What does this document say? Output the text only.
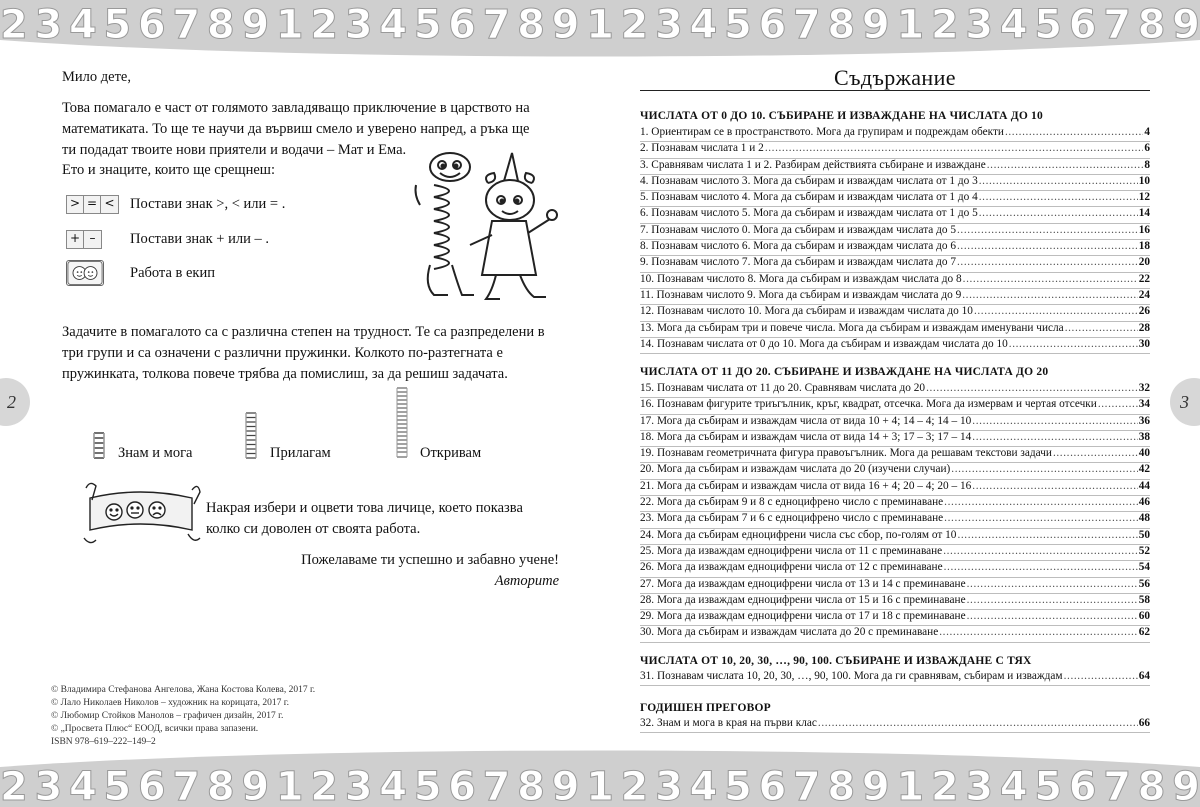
23456789123456789123456789123456789
23456789123456789123456789123456789
2	3
Мило дете,
Това помагало е част от голямото завладяващо приключение в царството на математиката. То ще те научи да вървиш смело и уверено напред, а ръка ще ти подадат твоите нови приятели и водачи – Мат и Ема.
Ето и знаците, които ще срещнеш:
> = < Постави знак >, < или = .
+ –	Постави знак + или – .
Работа в екип
Задачите в помагалото са с различна степен на трудност. Те са разпределени в три групи и са означени с различни пружинки. Колкото по-разтегната е пружинката, толкова повече трябва да помислиш, за да решиш задачата.
Знам и мога	Прилагам	Откривам
Накрая избери и оцвети това личице, което показва колко си доволен от своята работа.
Пожелаваме ти успешно и забавно учене!
Авторите
© Владимира Стефанова Ангелова, Жана Костова Колева, 2017 г.
© Лало Николаев Николов – художник на корицата, 2017 г.
© Любомир Стойков Манолов – графичен дизайн, 2017 г.
© „Просвета Плюс“ ЕООД, всички права запазени.
ISBN 978–619–222–149–2
Съдържание
ЧИСЛАТА ОТ 0 ДО 10. СЪБИРАНЕ И ИЗВАЖДАНЕ НА ЧИСЛАТА ДО 10
1. Ориентирам се в пространството. Мога да групирам и подреждам обекти .....	4
2. Познавам числата 1 и 2 .....	6
3. Сравнявам числата 1 и 2. Разбирам действията събиране и изваждане .....	8
4. Познавам числото 3. Мога да събирам и изваждам числата от 1 до 3 .....	10
5. Познавам числото 4. Мога да събирам и изваждам числата от 1 до 4 .....	12
6. Познавам числото 5. Мога да събирам и изваждам числата от 1 до 5 .....	14
7. Познавам числото 0. Мога да събирам и изваждам числата до 5 .....	16
8. Познавам числото 6. Мога да събирам и изваждам числата до 6 .....	18
9. Познавам числото 7. Мога да събирам и изваждам числата до 7 .....	20
10. Познавам числото 8. Мога да събирам и изваждам числата до 8 .....	22
11. Познавам числото 9. Мога да събирам и изваждам числата до 9 .....	24
12. Познавам числото 10. Мога да събирам и изваждам числата до 10 .....	26
13. Мога да събирам три и повече числа. Мога да събирам и изваждам именувани числа .....	28
14. Познавам числата от 0 до 10. Мога да събирам и изваждам числата до 10 .....	30
ЧИСЛАТА ОТ 11 ДО 20. СЪБИРАНЕ И ИЗВАЖДАНЕ НА ЧИСЛАТА ДО 20
15. Познавам числата от 11 до 20. Сравнявам числата до 20 .....	32
16. Познавам фигурите триъгълник, кръг, квадрат, отсечка. Мога да измервам и чертая отсечки .....	34
17. Мога да събирам и изваждам числа от вида 10 + 4; 14 – 4; 14 – 10 .....	36
18. Мога да събирам и изваждам числа от вида 14 + 3; 17 – 3; 17 – 14 .....	38
19. Познавам геометричната фигура правоъгълник. Мога да решавам текстови задачи .....	40
20. Мога да събирам и изваждам числата до 20 (изучени случаи) .....	42
21. Мога да събирам и изваждам числа от вида 16 + 4; 20 – 4; 20 – 16 .....	44
22. Мога да събирам 9 и 8 с едноцифрено число с преминаване .....	46
23. Мога да събирам 7 и 6 с едноцифрено число с преминаване .....	48
24. Мога да събирам едноцифрени числа със сбор, по-голям от 10 .....	50
25. Мога да изваждам едноцифрени числа от 11 с преминаване .....	52
26. Мога да изваждам едноцифрени числа от 12 с преминаване .....	54
27. Мога да изваждам едноцифрени числа от 13 и 14 с преминаване .....	56
28. Мога да изваждам едноцифрени числа от 15 и 16 с преминаване .....	58
29. Мога да изваждам едноцифрени числа от 17 и 18 с преминаване .....	60
30. Мога да събирам и изваждам числата до 20 с преминаване .....	62
ЧИСЛАТА ОТ 10, 20, 30, …, 90, 100. СЪБИРАНЕ И ИЗВАЖДАНЕ С ТЯХ
31. Познавам числата 10, 20, 30, …, 90, 100. Мога да ги сравнявам, събирам и изваждам .....	64
ГОДИШЕН ПРЕГОВОР
32. Знам и мога в края на първи клас .....	66
